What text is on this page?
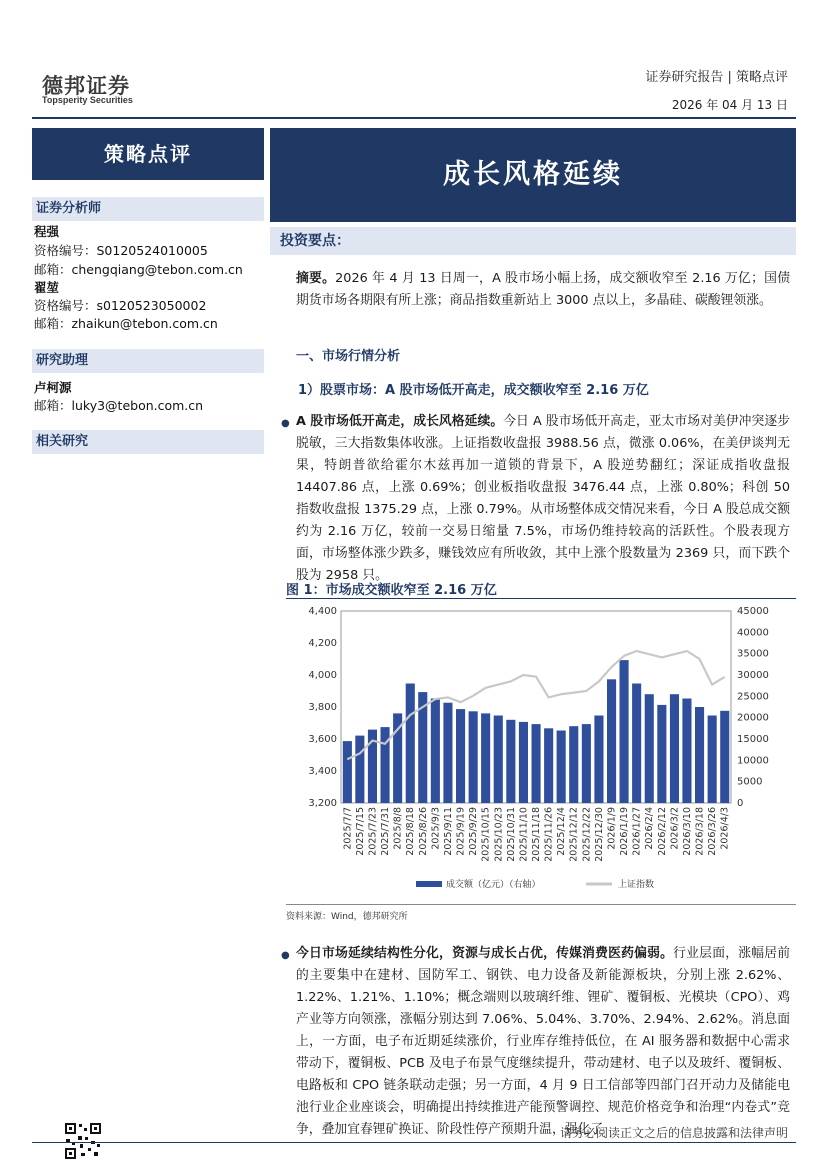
德邦证券
Topsperity Securities
证券研究报告 | 策略点评
2026 年 04 月 13 日
策略点评
成长风格延续
证券分析师
程强
资格编号：S0120524010005
邮箱：chengqiang@tebon.com.cn
翟堃
资格编号：s0120523050002
邮箱：zhaikun@tebon.com.cn
研究助理
卢柯源
邮箱：luky3@tebon.com.cn
相关研究
投资要点：
摘要。2026 年 4 月 13 日周一，A 股市场小幅上扬，成交额收窄至 2.16 万亿；国债期货市场各期限有所上涨；商品指数重新站上 3000 点以上，多晶硅、碳酸锂领涨。
一、市场行情分析
1）股票市场：A 股市场低开高走，成交额收窄至 2.16 万亿
● A 股市场低开高走，成长风格延续。今日 A 股市场低开高走，亚太市场对美伊冲突逐步脱敏，三大指数集体收涨。上证指数收盘报 3988.56 点，微涨 0.06%，在美伊谈判无果，特朗普欲给霍尔木兹再加一道锁的背景下，A 股逆势翻红；深证成指收盘报 14407.86 点，上涨 0.69%；创业板指收盘报 3476.44 点，上涨 0.80%；科创 50 指数收盘报 1375.29 点，上涨 0.79%。从市场整体成交情况来看，今日 A 股总成交额约为 2.16 万亿，较前一交易日缩量 7.5%，市场仍维持较高的活跃性。个股表现方面，市场整体涨少跌多，赚钱效应有所收敛，其中上涨个股数量为 2369 只，而下跌个股为 2958 只。
图 1：市场成交额收窄至 2.16 万亿
3,200
3,400
3,600
3,800
4,000
4,200
4,400
0
5000
10000
15000
20000
25000
30000
35000
40000
45000
2025/7/7 2025/7/15 2025/7/23 2025/7/31 2025/8/8 2025/8/18 2025/8/26 2025/9/3 2025/9/11 2025/9/19 2025/9/29 2025/10/15 2025/10/23 2025/10/31 2025/11/10 2025/11/18 2025/11/26 2025/12/4 2025/12/12 2025/12/22 2025/12/30 2026/1/9 2026/1/19 2026/1/27 2026/2/4 2026/2/12 2026/3/2 2026/3/10 2026/3/18 2026/3/26 2026/4/3
成交额（亿元）（右轴）	上证指数
资料来源：Wind，德邦研究所
● 今日市场延续结构性分化，资源与成长占优，传媒消费医药偏弱。行业层面，涨幅居前的主要集中在建材、国防军工、钢铁、电力设备及新能源板块，分别上涨 2.62%、1.22%、1.21%、1.10%；概念端则以玻璃纤维、锂矿、覆铜板、光模块（CPO）、鸡产业等方向领涨，涨幅分别达到 7.06%、5.04%、3.70%、2.94%、2.62%。消息面上，一方面，电子布近期延续涨价，行业库存维持低位，在 AI 服务器和数据中心需求带动下，覆铜板、PCB 及电子布景气度继续提升，带动建材、电子以及玻纤、覆铜板、电路板和 CPO 链条联动走强；另一方面，4 月 9 日工信部等四部门召开动力及储能电池行业企业座谈会，明确提出持续推进产能预警调控、规范价格竞争和治理“内卷式”竞争，叠加宜春锂矿换证、阶段性停产预期升温，强化了
请务必阅读正文之后的信息披露和法律声明
